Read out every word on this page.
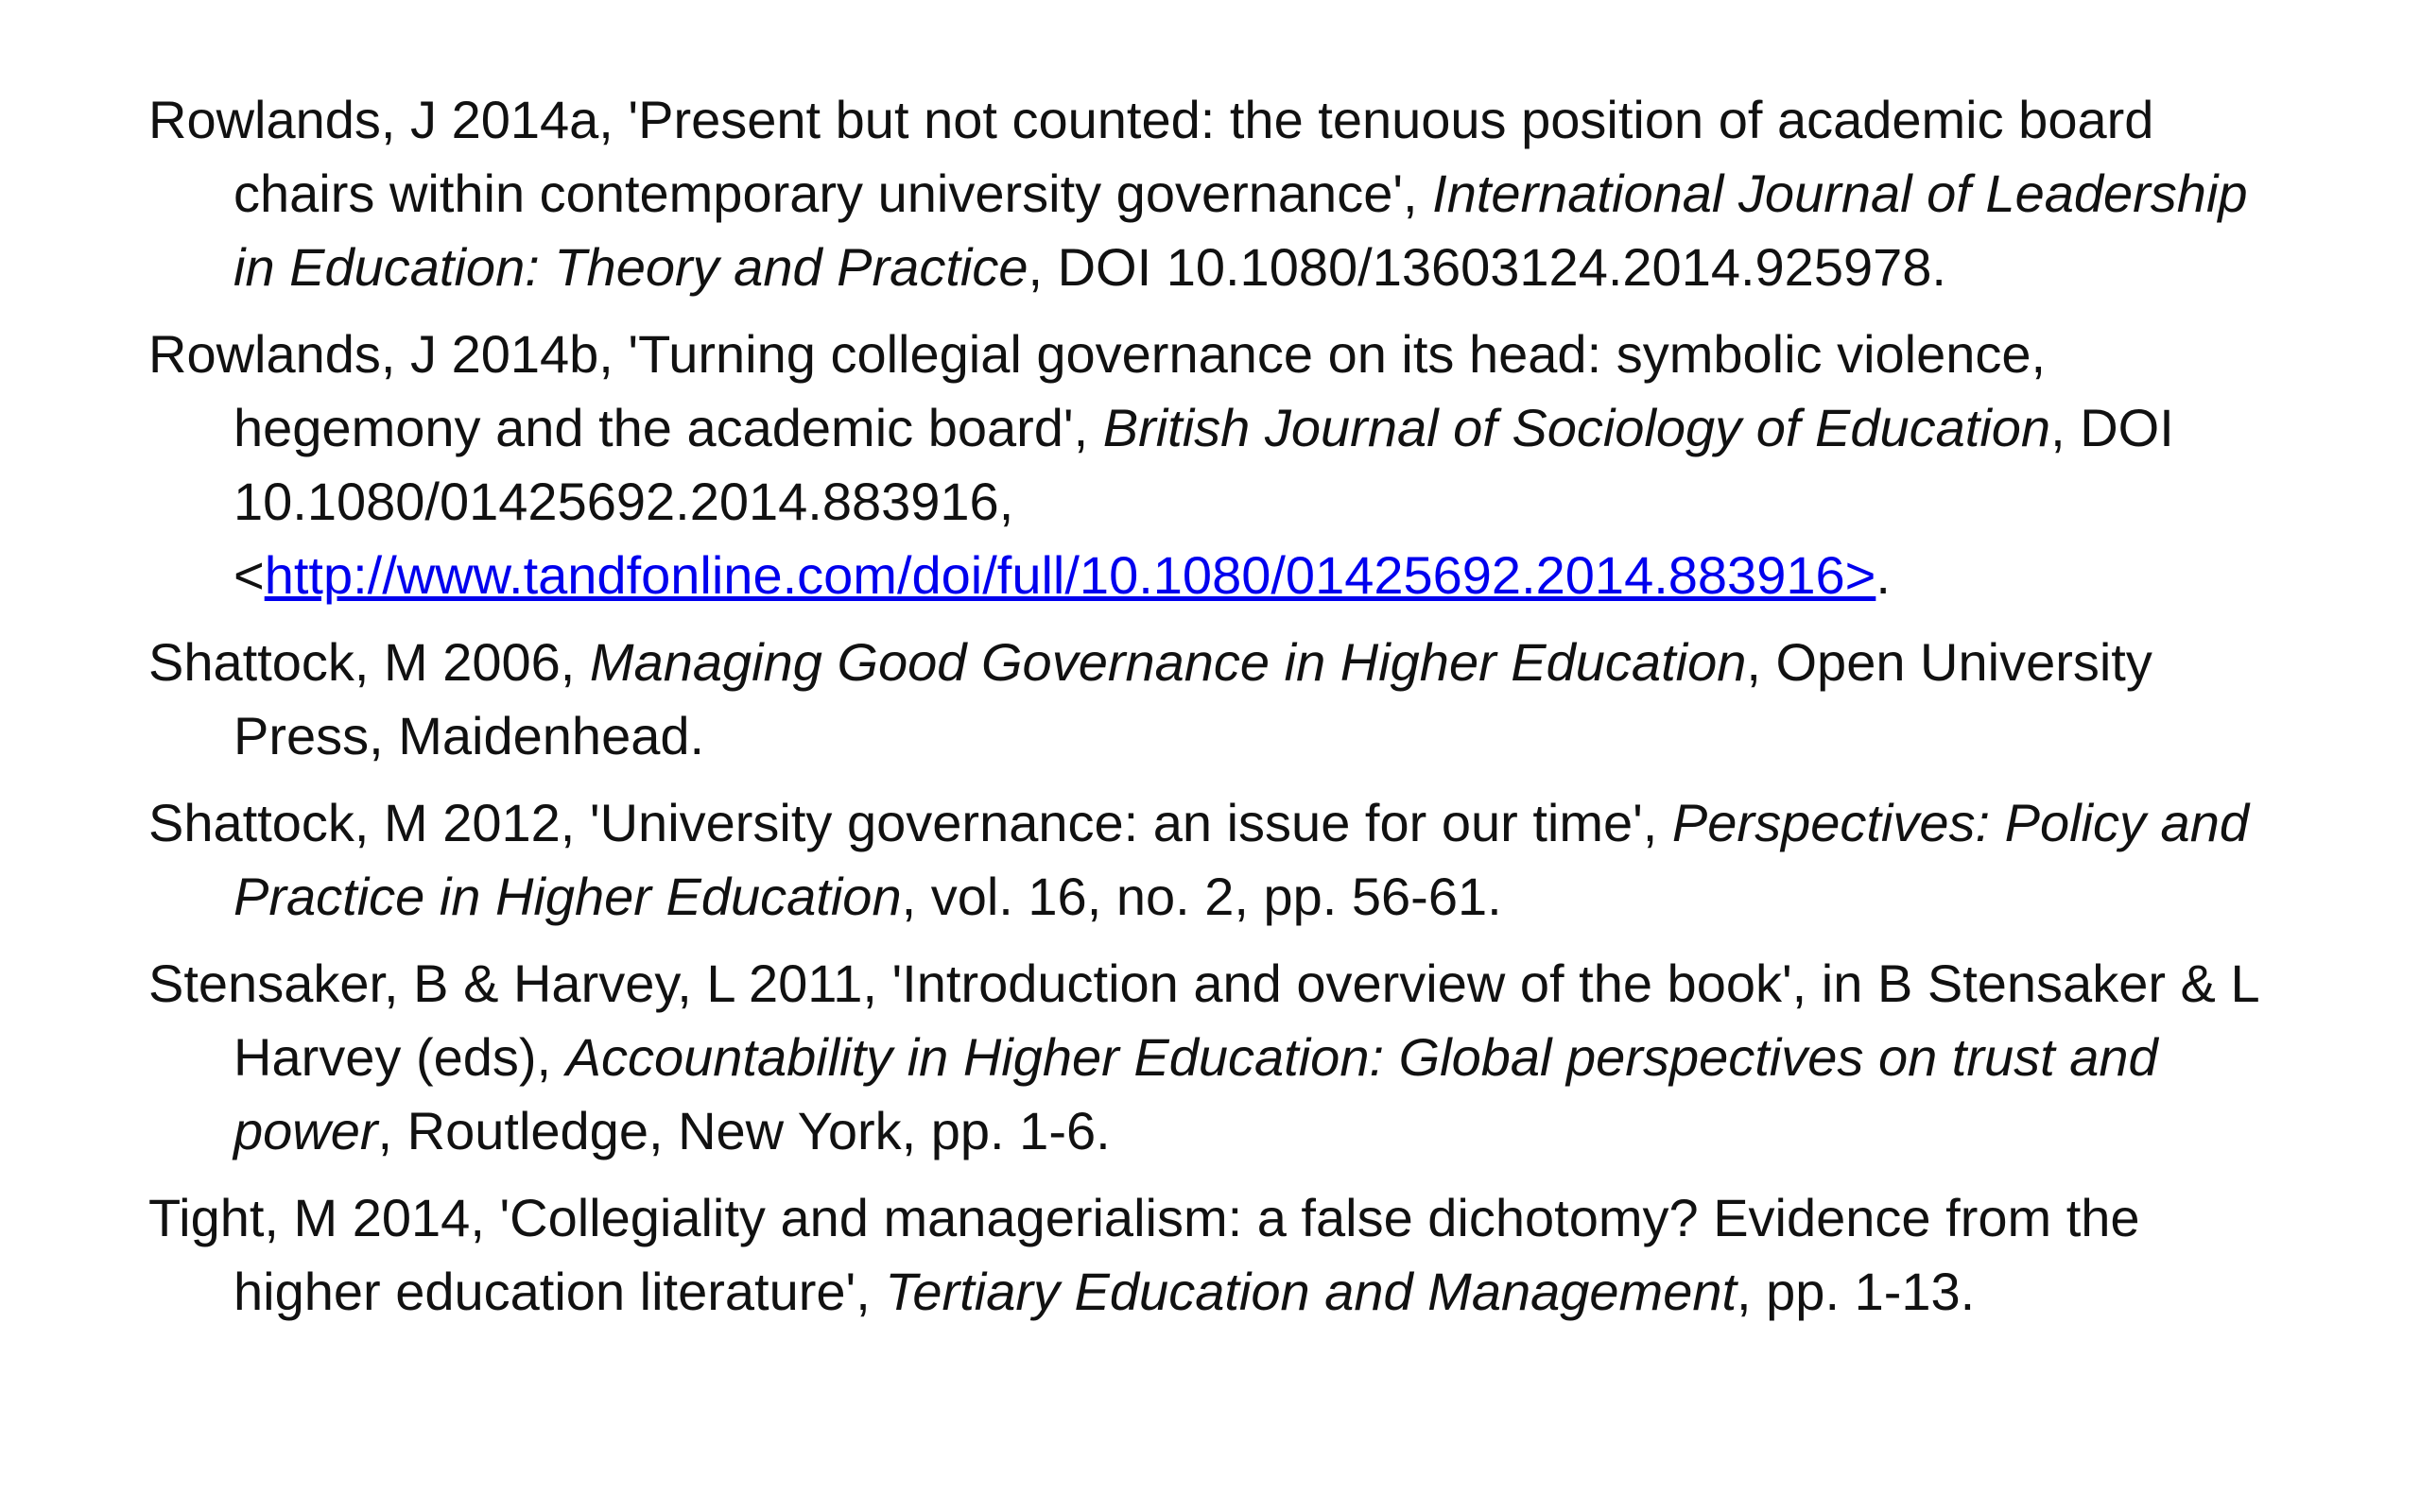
Rowlands, J 2014a, 'Present but not counted: the tenuous position of academic board chairs within contemporary university governance', International Journal of Leadership in Education: Theory and Practice, DOI 10.1080/13603124.2014.925978.

Rowlands, J 2014b, 'Turning collegial governance on its head: symbolic violence, hegemony and the academic board', British Journal of Sociology of Education, DOI 10.1080/01425692.2014.883916, <http://www.tandfonline.com/doi/full/10.1080/01425692.2014.883916>.

Shattock, M 2006, Managing Good Governance in Higher Education, Open University Press, Maidenhead.

Shattock, M 2012, 'University governance: an issue for our time', Perspectives: Policy and Practice in Higher Education, vol. 16, no. 2, pp. 56-61.

Stensaker, B & Harvey, L 2011, 'Introduction and overview of the book', in B Stensaker & L Harvey (eds), Accountability in Higher Education: Global perspectives on trust and power, Routledge, New York, pp. 1-6.

Tight, M 2014, 'Collegiality and managerialism: a false dichotomy? Evidence from the higher education literature', Tertiary Education and Management, pp. 1-13.
